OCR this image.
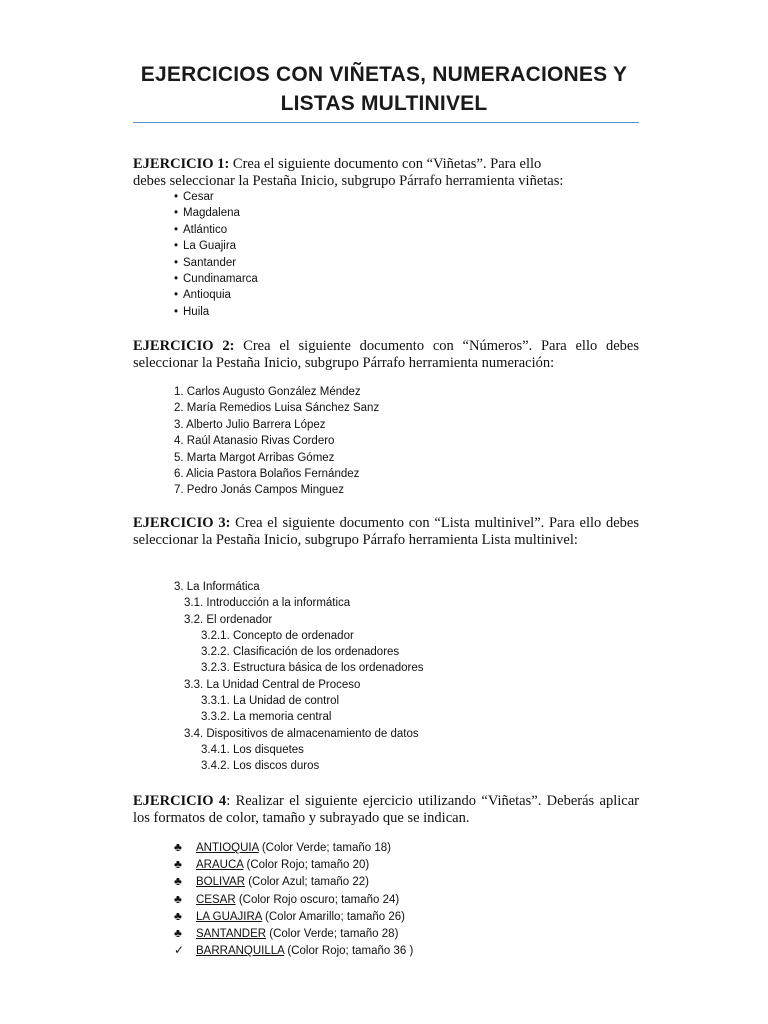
EJERCICIOS CON VIÑETAS, NUMERACIONES Y
LISTAS MULTINIVEL
EJERCICIO 1: Crea el siguiente documento con “Viñetas”. Para ello
debes seleccionar la Pestaña Inicio, subgrupo Párrafo herramienta viñetas:
• Cesar
• Magdalena
• Atlántico
• La Guajira
• Santander
• Cundinamarca
• Antioquia
• Huila
EJERCICIO 2: Crea el siguiente documento con “Números”. Para ello debes seleccionar la Pestaña Inicio, subgrupo Párrafo herramienta numeración:
1. Carlos Augusto González Méndez
2. María Remedios Luisa Sánchez Sanz
3. Alberto Julio Barrera López
4. Raúl Atanasio Rivas Cordero
5. Marta Margot Arribas Gómez
6. Alicia Pastora Bolaños Fernández
7. Pedro Jonás Campos Minguez
EJERCICIO 3: Crea el siguiente documento con “Lista multinivel”. Para ello debes seleccionar la Pestaña Inicio, subgrupo Párrafo herramienta Lista multinivel:
3. La Informática
3.1. Introducción a la informática
3.2. El ordenador
3.2.1. Concepto de ordenador
3.2.2. Clasificación de los ordenadores
3.2.3. Estructura básica de los ordenadores
3.3. La Unidad Central de Proceso
3.3.1. La Unidad de control
3.3.2. La memoria central
3.4. Dispositivos de almacenamiento de datos
3.4.1. Los disquetes
3.4.2. Los discos duros
EJERCICIO 4: Realizar el siguiente ejercicio utilizando “Viñetas”. Deberás aplicar los formatos de color, tamaño y subrayado que se indican.
♣ ANTIOQUIA (Color Verde; tamaño 18)
♣ ARAUCA (Color Rojo; tamaño 20)
♣ BOLIVAR (Color Azul; tamaño 22)
♣ CESAR (Color Rojo oscuro; tamaño 24)
♣ LA GUAJIRA (Color Amarillo; tamaño 26)
♣ SANTANDER (Color Verde; tamaño 28)
✓ BARRANQUILLA (Color Rojo; tamaño 36 )
